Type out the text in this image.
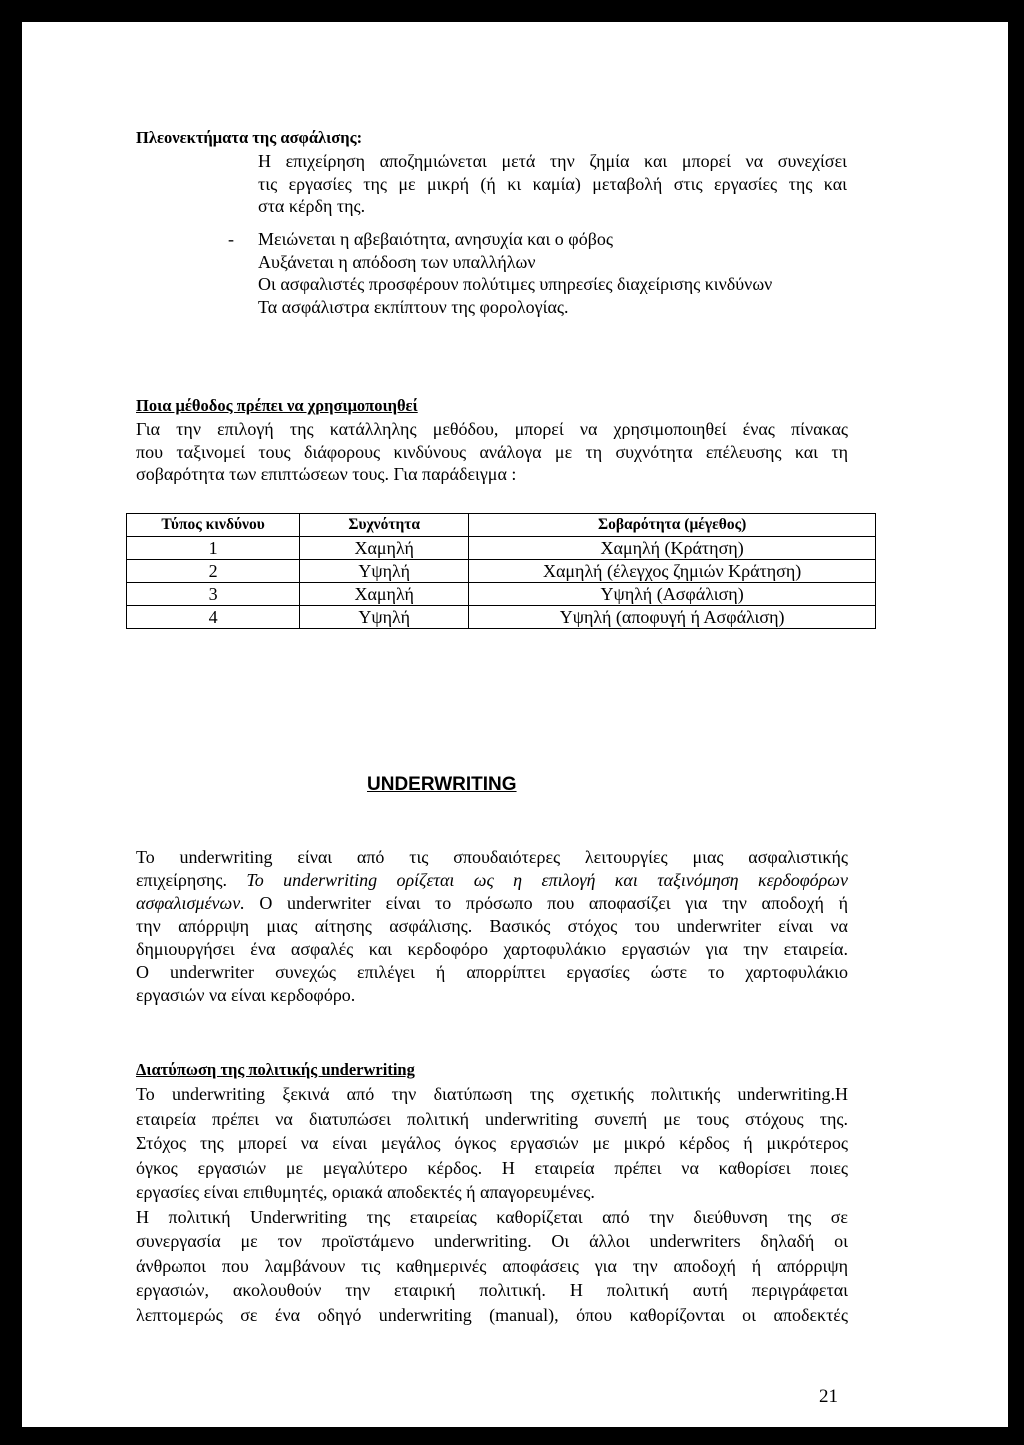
Πλεονεκτήματα της ασφάλισης:
Η επιχείρηση αποζημιώνεται μετά την ζημία και μπορεί να συνεχίσει
τις εργασίες της με μικρή (ή κι καμία) μεταβολή στις εργασίες της και
στα κέρδη της.
- Μειώνεται η αβεβαιότητα, ανησυχία και ο φόβος
Αυξάνεται η απόδοση των υπαλλήλων
Οι ασφαλιστές προσφέρουν πολύτιμες υπηρεσίες διαχείρισης κινδύνων
Τα ασφάλιστρα εκπίπτουν της φορολογίας.
Ποια μέθοδος πρέπει να χρησιμοποιηθεί
Για την επιλογή της κατάλληλης μεθόδου, μπορεί να χρησιμοποιηθεί ένας πίνακας
που ταξινομεί τους διάφορους κινδύνους ανάλογα με τη συχνότητα επέλευσης και τη
σοβαρότητα των επιπτώσεων τους. Για παράδειγμα :
Τύπος κινδύνου	Συχνότητα	Σοβαρότητα (μέγεθος)
1	Χαμηλή	Χαμηλή (Κράτηση)
2	Υψηλή	Χαμηλή (έλεγχος ζημιών Κράτηση)
3	Χαμηλή	Υψηλή (Ασφάλιση)
4	Υψηλή	Υψηλή (αποφυγή ή Ασφάλιση)
UNDERWRITING
Το underwriting είναι από τις σπουδαιότερες λειτουργίες μιας ασφαλιστικής
επιχείρησης. Το underwriting ορίζεται ως η επιλογή και ταξινόμηση κερδοφόρων
ασφαλισμένων. Ο underwriter είναι το πρόσωπο που αποφασίζει για την αποδοχή ή
την απόρριψη μιας αίτησης ασφάλισης. Βασικός στόχος του underwriter είναι να
δημιουργήσει ένα ασφαλές και κερδοφόρο χαρτοφυλάκιο εργασιών για την εταιρεία.
Ο underwriter συνεχώς επιλέγει ή απορρίπτει εργασίες ώστε το χαρτοφυλάκιο
εργασιών να είναι κερδοφόρο.
Διατύπωση της πολιτικής underwriting
Το underwriting ξεκινά από την διατύπωση της σχετικής πολιτικής underwriting.Η
εταιρεία πρέπει να διατυπώσει πολιτική underwriting συνεπή με τους στόχους της.
Στόχος της μπορεί να είναι μεγάλος όγκος εργασιών με μικρό κέρδος ή μικρότερος
όγκος εργασιών με μεγαλύτερο κέρδος. Η εταιρεία πρέπει να καθορίσει ποιες
εργασίες είναι επιθυμητές, οριακά αποδεκτές ή απαγορευμένες.
Η πολιτική Underwriting της εταιρείας καθορίζεται από την διεύθυνση της σε
συνεργασία με τον προϊστάμενο underwriting. Οι άλλοι underwriters δηλαδή οι
άνθρωποι που λαμβάνουν τις καθημερινές αποφάσεις για την αποδοχή ή απόρριψη
εργασιών, ακολουθούν την εταιρική πολιτική. Η πολιτική αυτή περιγράφεται
λεπτομερώς σε ένα οδηγό underwriting (manual), όπου καθορίζονται οι αποδεκτές
21
